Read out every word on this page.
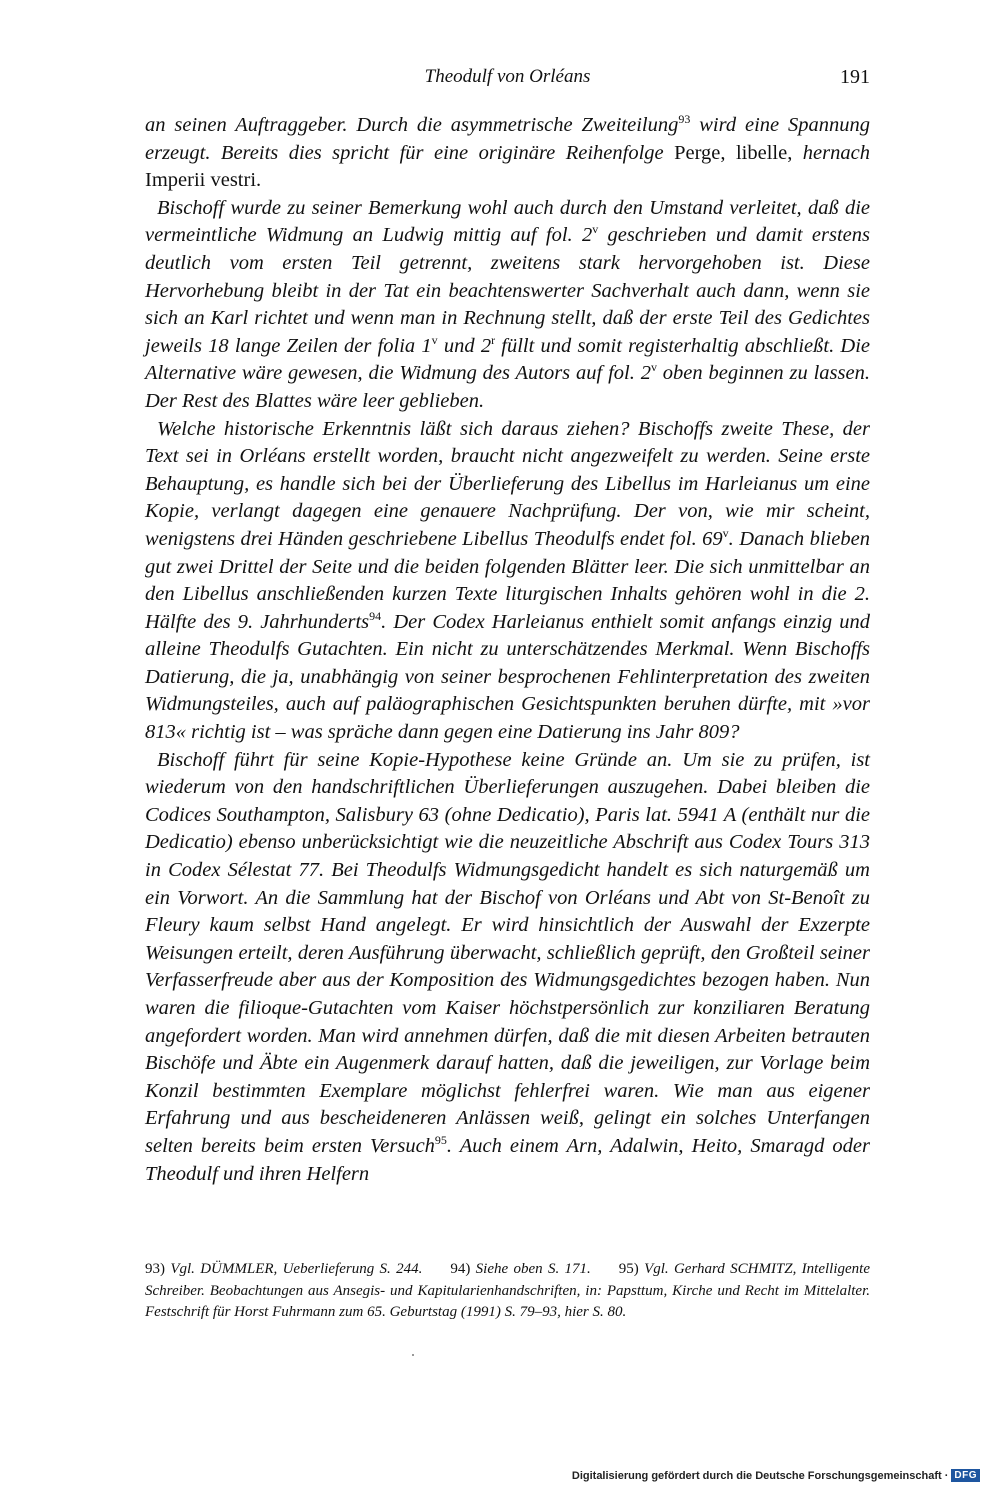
Theodulf von Orléans	191

an seinen Auftraggeber. Durch die asymmetrische Zweiteilung$^{93}$ wird eine Spannung erzeugt. Bereits dies spricht für eine originäre Reihenfolge Perge, libelle, hernach Imperii vestri.

Bischoff wurde zu seiner Bemerkung wohl auch durch den Umstand verleitet, daß die vermeintliche Widmung an Ludwig mittig auf fol. 2$^v$ geschrieben und damit erstens deutlich vom ersten Teil getrennt, zweitens stark hervorgehoben ist. Diese Hervorhebung bleibt in der Tat ein beachtenswerter Sachverhalt auch dann, wenn sie sich an Karl richtet und wenn man in Rechnung stellt, daß der erste Teil des Gedichtes jeweils 18 lange Zeilen der folia 1$^v$ und 2$^r$ füllt und somit registerhaltig abschließt. Die Alternative wäre gewesen, die Widmung des Autors auf fol. 2$^v$ oben beginnen zu lassen. Der Rest des Blattes wäre leer geblieben.

Welche historische Erkenntnis läßt sich daraus ziehen? Bischoffs zweite These, der Text sei in Orléans erstellt worden, braucht nicht angezweifelt zu werden. Seine erste Behauptung, es handle sich bei der Überlieferung des Libellus im Harleianus um eine Kopie, verlangt dagegen eine genauere Nachprüfung. Der von, wie mir scheint, wenigstens drei Händen geschriebene Libellus Theodulfs endet fol. 69$^v$. Danach blieben gut zwei Drittel der Seite und die beiden folgenden Blätter leer. Die sich unmittelbar an den Libellus anschließenden kurzen Texte liturgischen Inhalts gehören wohl in die 2. Hälfte des 9. Jahrhunderts$^{94}$. Der Codex Harleianus enthielt somit anfangs einzig und alleine Theodulfs Gutachten. Ein nicht zu unterschätzendes Merkmal. Wenn Bischoffs Datierung, die ja, unabhängig von seiner besprochenen Fehlinterpretation des zweiten Widmungsteiles, auch auf paläographischen Gesichtspunkten beruhen dürfte, mit »vor 813« richtig ist – was spräche dann gegen eine Datierung ins Jahr 809?

Bischoff führt für seine Kopie-Hypothese keine Gründe an. Um sie zu prüfen, ist wiederum von den handschriftlichen Überlieferungen auszugehen. Dabei bleiben die Codices Southampton, Salisbury 63 (ohne Dedicatio), Paris lat. 5941 A (enthält nur die Dedicatio) ebenso unberücksichtigt wie die neuzeitliche Abschrift aus Codex Tours 313 in Codex Sélestat 77. Bei Theodulfs Widmungsgedicht handelt es sich naturgemäß um ein Vorwort. An die Sammlung hat der Bischof von Orléans und Abt von St-Benoît zu Fleury kaum selbst Hand angelegt. Er wird hinsichtlich der Auswahl der Exzerpte Weisungen erteilt, deren Ausführung überwacht, schließlich geprüft, den Großteil seiner Verfasserfreude aber aus der Komposition des Widmungsgedichtes bezogen haben. Nun waren die filioque-Gutachten vom Kaiser höchstpersönlich zur konziliaren Beratung angefordert worden. Man wird annehmen dürfen, daß die mit diesen Arbeiten betrauten Bischöfe und Äbte ein Augenmerk darauf hatten, daß die jeweiligen, zur Vorlage beim Konzil bestimmten Exemplare möglichst fehlerfrei waren. Wie man aus eigener Erfahrung und aus bescheideneren Anlässen weiß, gelingt ein solches Unterfangen selten bereits beim ersten Versuch$^{95}$. Auch einem Arn, Adalwin, Heito, Smaragd oder Theodulf und ihren Helfern

93) Vgl. DÜMMLER, Ueberlieferung S. 244. 94) Siehe oben S. 171. 95) Vgl. Gerhard SCHMITZ, Intelligente Schreiber. Beobachtungen aus Ansegis- und Kapitularienhandschriften, in: Papsttum, Kirche und Recht im Mittelalter. Festschrift für Horst Fuhrmann zum 65. Geburtstag (1991) S. 79–93, hier S. 80.

Digitalisierung gefördert durch die Deutsche Forschungsgemeinschaft · DFG
